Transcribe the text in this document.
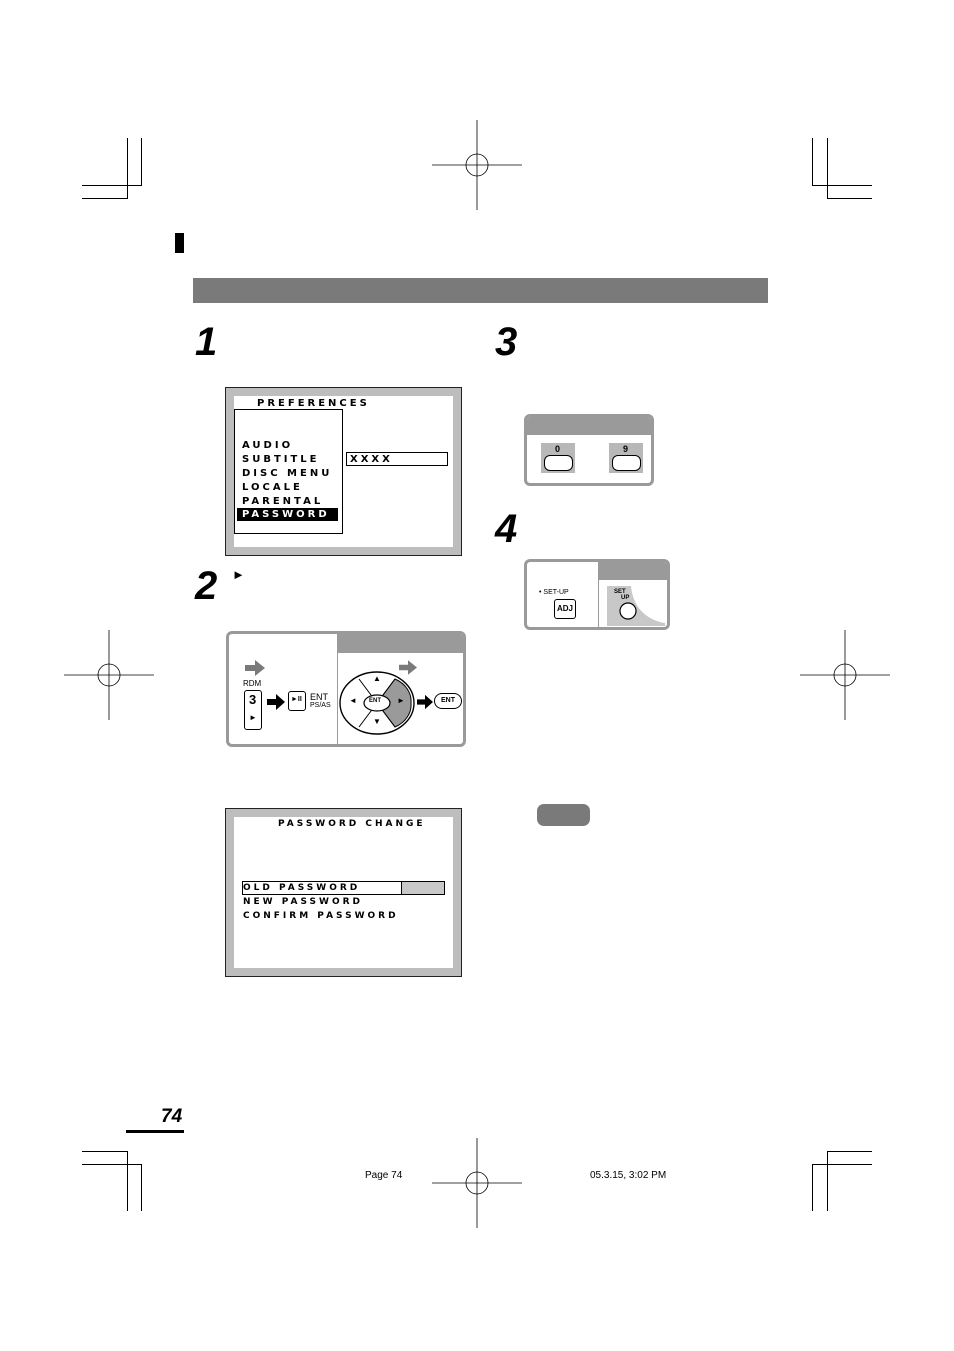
1
2 ►
3
4
PREFERENCES
AUDIO
SUBTITLE
DISC MENU
LOCALE
PARENTAL
PASSWORD
XXXX
RDM
3
►
►II ENT
PS/AS
▲
▼
◄	►
ENT	ENT
PASSWORD CHANGE
OLD PASSWORD
NEW PASSWORD
CONFIRM PASSWORD
0	9
• SET-UP
ADJ
SET
UP
74
Page 74	05.3.15, 3:02 PM
